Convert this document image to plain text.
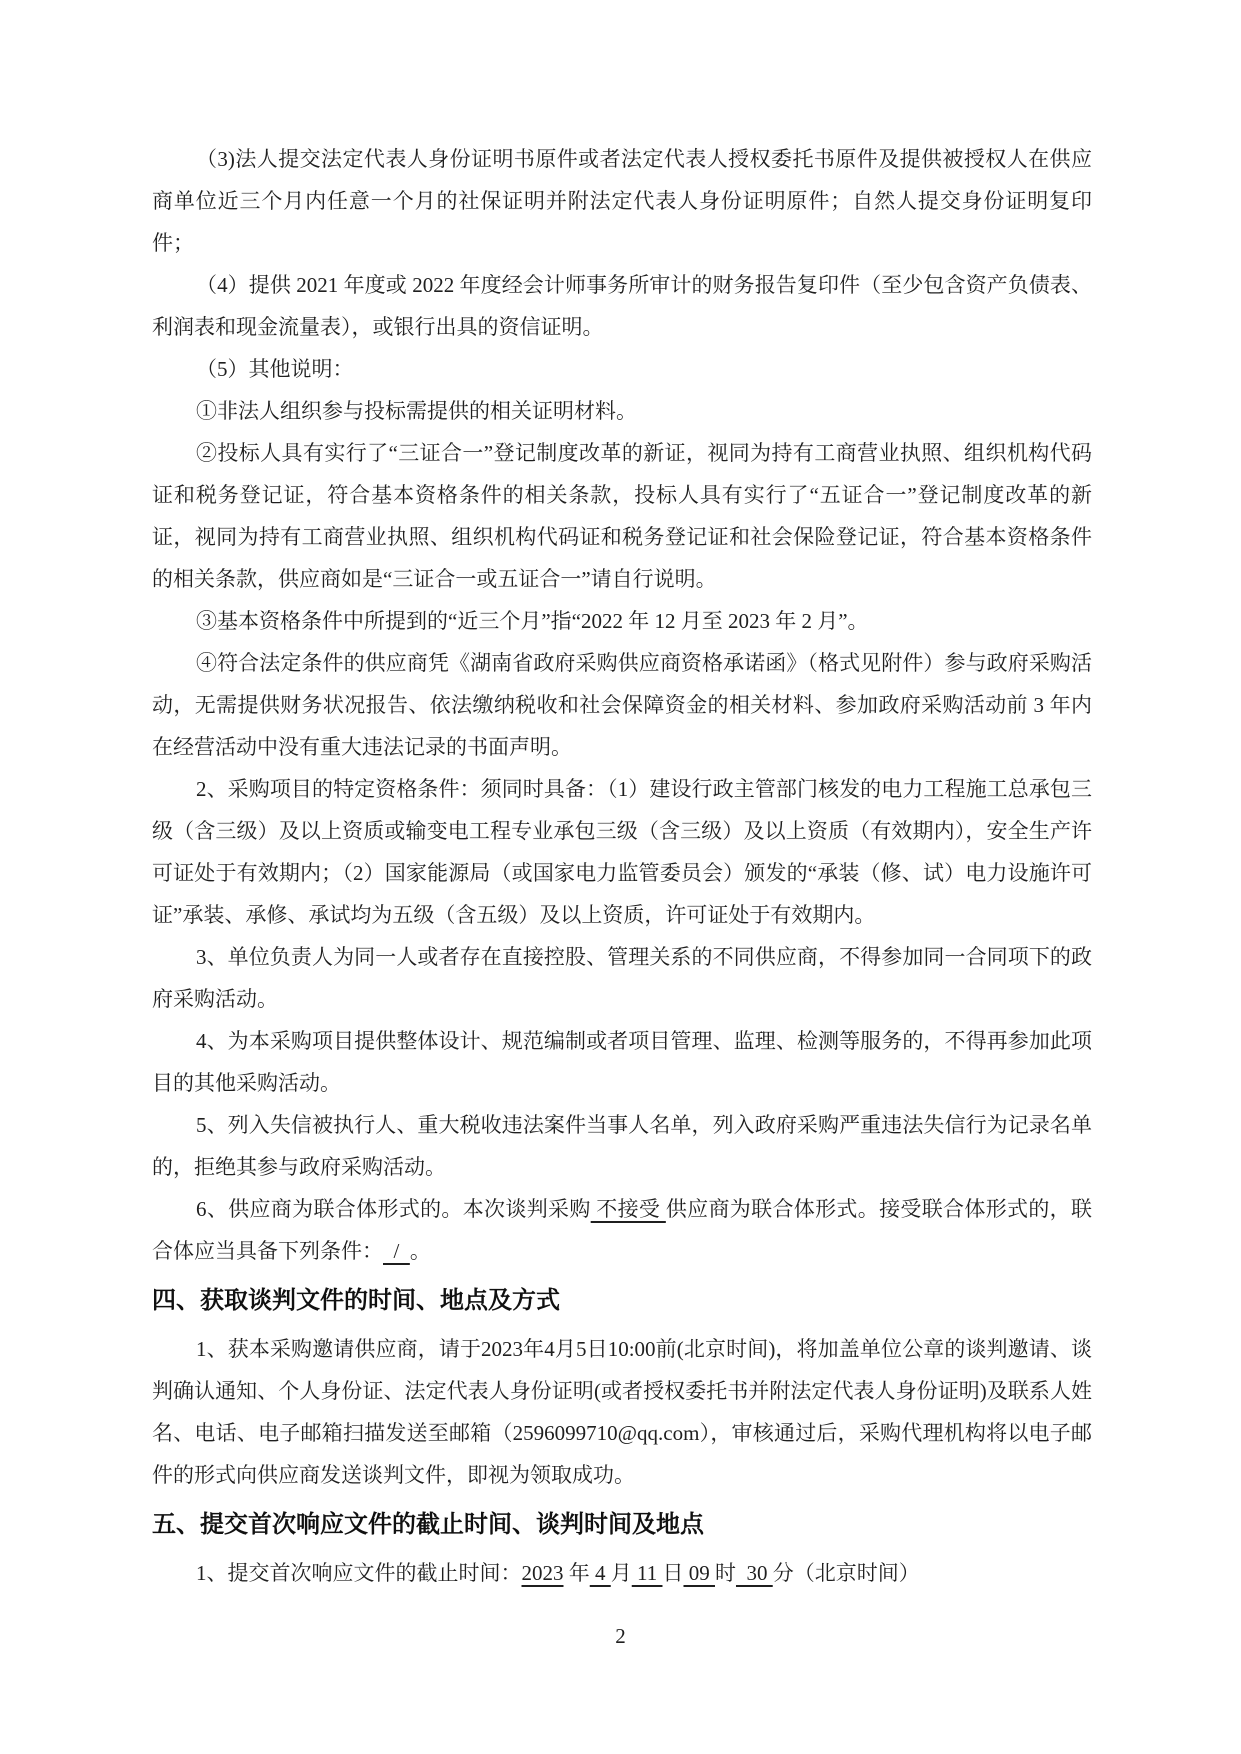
（3)法人提交法定代表人身份证明书原件或者法定代表人授权委托书原件及提供被授权人在供应商单位近三个月内任意一个月的社保证明并附法定代表人身份证明原件；自然人提交身份证明复印件；

（4）提供 2021 年度或 2022 年度经会计师事务所审计的财务报告复印件（至少包含资产负债表、利润表和现金流量表），或银行出具的资信证明。

（5）其他说明：

①非法人组织参与投标需提供的相关证明材料。

②投标人具有实行了“三证合一”登记制度改革的新证，视同为持有工商营业执照、组织机构代码证和税务登记证，符合基本资格条件的相关条款，投标人具有实行了“五证合一”登记制度改革的新证，视同为持有工商营业执照、组织机构代码证和税务登记证和社会保险登记证，符合基本资格条件的相关条款，供应商如是“三证合一或五证合一”请自行说明。

③基本资格条件中所提到的“近三个月”指“2022 年 12 月至 2023 年 2 月”。

④符合法定条件的供应商凭《湖南省政府采购供应商资格承诺函》（格式见附件）参与政府采购活动，无需提供财务状况报告、依法缴纳税收和社会保障资金的相关材料、参加政府采购活动前 3 年内在经营活动中没有重大违法记录的书面声明。

2、采购项目的特定资格条件：须同时具备：（1）建设行政主管部门核发的电力工程施工总承包三级（含三级）及以上资质或输变电工程专业承包三级（含三级）及以上资质（有效期内），安全生产许可证处于有效期内；（2）国家能源局（或国家电力监管委员会）颁发的“承装（修、试）电力设施许可证”承装、承修、承试均为五级（含五级）及以上资质，许可证处于有效期内。

3、单位负责人为同一人或者存在直接控股、管理关系的不同供应商，不得参加同一合同项下的政府采购活动。

4、为本采购项目提供整体设计、规范编制或者项目管理、监理、检测等服务的，不得再参加此项目的其他采购活动。

5、列入失信被执行人、重大税收违法案件当事人名单，列入政府采购严重违法失信行为记录名单的，拒绝其参与政府采购活动。

6、供应商为联合体形式的。本次谈判采购 不接受 供应商为联合体形式。接受联合体形式的，联合体应当具备下列条件：  /  。

四、获取谈判文件的时间、地点及方式

1、获本采购邀请供应商，请于2023年4月5日10:00前(北京时间)，将加盖单位公章的谈判邀请、谈判确认通知、个人身份证、法定代表人身份证明(或者授权委托书并附法定代表人身份证明)及联系人姓名、电话、电子邮箱扫描发送至邮箱（2596099710@qq.com），审核通过后，采购代理机构将以电子邮件的形式向供应商发送谈判文件，即视为领取成功。

五、提交首次响应文件的截止时间、谈判时间及地点

1、提交首次响应文件的截止时间：2023 年 4 月 11 日 09 时  30 分（北京时间）

2
